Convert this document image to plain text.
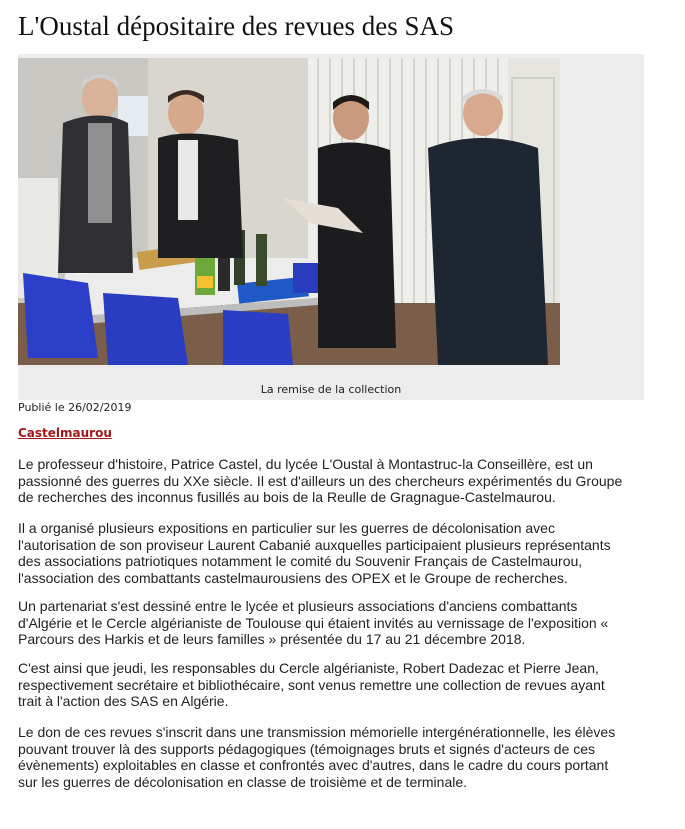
L'Oustal dépositaire des revues des SAS
La remise de la collection
Publié le 26/02/2019
Castelmaurou

Le professeur d'histoire, Patrice Castel, du lycée L'Oustal à Montastruc-la Conseillère, est un
passionné des guerres du XXe siècle. Il est d'ailleurs un des chercheurs expérimentés du Groupe
de recherches des inconnus fusillés au bois de la Reulle de Gragnague-Castelmaurou.

Il a organisé plusieurs expositions en particulier sur les guerres de décolonisation avec
l'autorisation de son proviseur Laurent Cabanié auxquelles participaient plusieurs représentants
des associations patriotiques notamment le comité du Souvenir Français de Castelmaurou,
l'association des combattants castelmaurousiens des OPEX et le Groupe de recherches.

Un partenariat s'est dessiné entre le lycée et plusieurs associations d'anciens combattants
d'Algérie et le Cercle algérianiste de Toulouse qui étaient invités au vernissage de l'exposition «
Parcours des Harkis et de leurs familles » présentée du 17 au 21 décembre 2018.

C'est ainsi que jeudi, les responsables du Cercle algérianiste, Robert Dadezac et Pierre Jean,
respectivement secrétaire et bibliothécaire, sont venus remettre une collection de revues ayant
trait à l'action des SAS en Algérie.

Le don de ces revues s'inscrit dans une transmission mémorielle intergénérationnelle, les élèves
pouvant trouver là des supports pédagogiques (témoignages bruts et signés d'acteurs de ces
évènements) exploitables en classe et confrontés avec d'autres, dans le cadre du cours portant
sur les guerres de décolonisation en classe de troisième et de terminale.
